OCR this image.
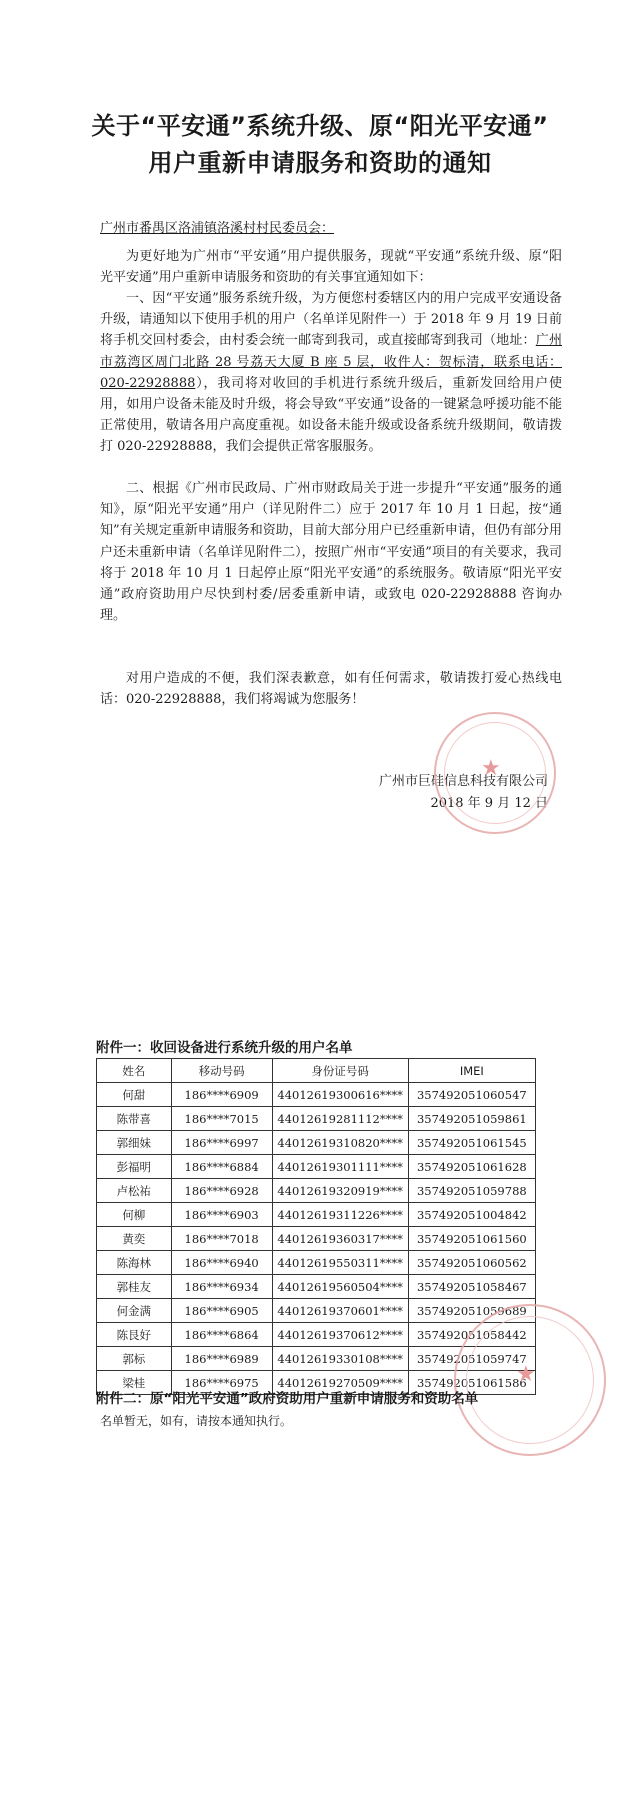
关于“平安通”系统升级、原“阳光平安通”
用户重新申请服务和资助的通知
广州市番禺区洛浦镇洛溪村村民委员会：

为更好地为广州市“平安通”用户提供服务，现就“平安通”系统升级、原“阳光平安通”用户重新申请服务和资助的有关事宜通知如下：

一、因“平安通”服务系统升级，为方便您村委辖区内的用户完成平安通设备升级，请通知以下使用手机的用户（名单详见附件一）于 2018 年 9 月 19 日前将手机交回村委会，由村委会统一邮寄到我司，或直接邮寄到我司（地址：广州市荔湾区周门北路 28 号荔天大厦 B 座 5 层，收件人：贺标清，联系电话：020-22928888），我司将对收回的手机进行系统升级后，重新发回给用户使用，如用户设备未能及时升级，将会导致“平安通”设备的一键紧急呼援功能不能正常使用，敬请各用户高度重视。如设备未能升级或设备系统升级期间，敬请拨打 020-22928888，我们会提供正常客服服务。

二、根据《广州市民政局、广州市财政局关于进一步提升“平安通”服务的通知》，原“阳光平安通”用户（详见附件二）应于 2017 年 10 月 1 日起，按“通知”有关规定重新申请服务和资助，目前大部分用户已经重新申请，但仍有部分用户还未重新申请（名单详见附件二），按照广州市“平安通”项目的有关要求，我司将于 2018 年 10 月 1 日起停止原“阳光平安通”的系统服务。敬请原“阳光平安通”政府资助用户尽快到村委/居委重新申请，或致电 020-22928888 咨询办理。

对用户造成的不便，我们深表歉意，如有任何需求，敬请拨打爱心热线电话：020-22928888，我们将竭诚为您服务！

广州市巨硅信息科技有限公司
2018 年 9 月 12 日
★
附件一：收回设备进行系统升级的用户名单
姓名	移动号码	身份证号码	IMEI
何甜	186****6909	44012619300616****	357492051060547
陈带喜	186****7015	44012619281112****	357492051059861
郭细妹	186****6997	44012619310820****	357492051061545
彭福明	186****6884	44012619301111****	357492051061628
卢松祐	186****6928	44012619320919****	357492051059788
何柳	186****6903	44012619311226****	357492051004842
黄奕	186****7018	44012619360317****	357492051061560
陈海林	186****6940	44012619550311****	357492051060562
郭桂友	186****6934	44012619560504****	357492051058467
何金满	186****6905	44012619370601****	357492051059689
陈艮好	186****6864	44012619370612****	357492051058442
郭标	186****6989	44012619330108****	357492051059747
梁桂	186****6975	44012619270509****	357492051061586
★
附件二：原“阳光平安通”政府资助用户重新申请服务和资助名单
名单暂无，如有，请按本通知执行。
